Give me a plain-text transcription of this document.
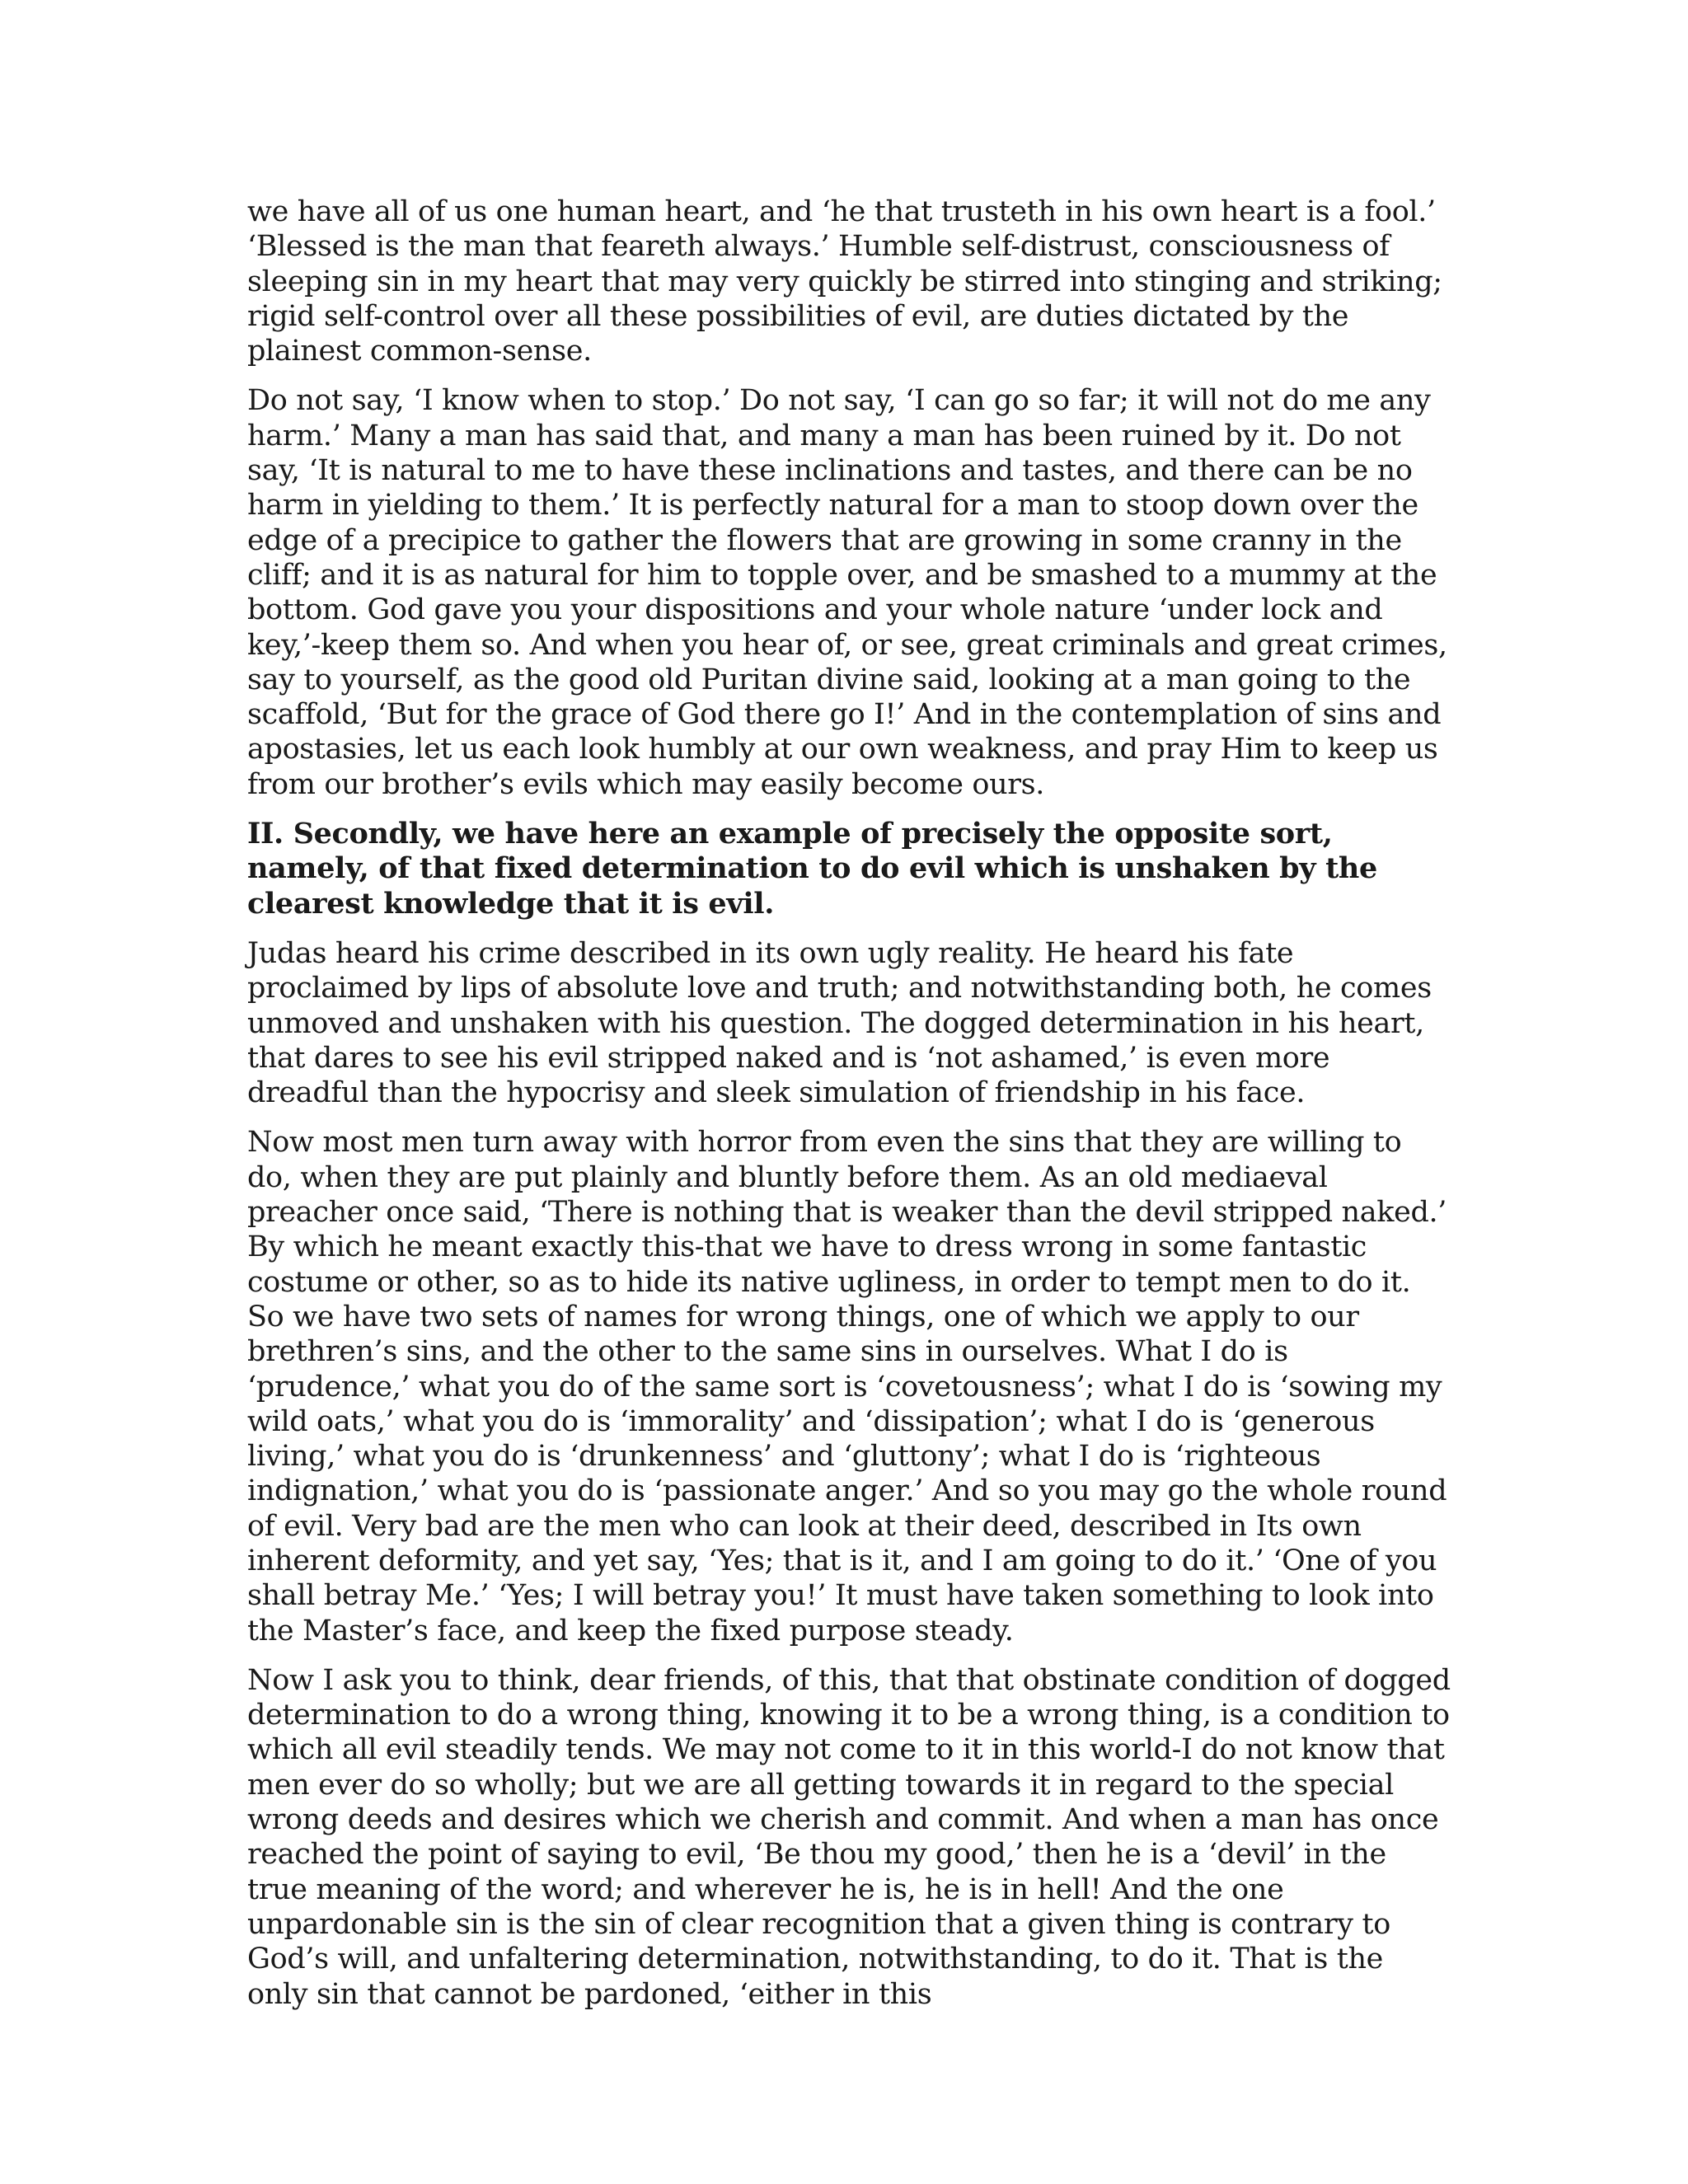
we have all of us one human heart, and ‘he that trusteth in his own heart is a fool.’ ‘Blessed is the man that feareth always.’ Humble self-distrust, consciousness of sleeping sin in my heart that may very quickly be stirred into stinging and striking; rigid self-control over all these possibilities of evil, are duties dictated by the plainest common-sense.

Do not say, ‘I know when to stop.’ Do not say, ‘I can go so far; it will not do me any harm.’ Many a man has said that, and many a man has been ruined by it. Do not say, ‘It is natural to me to have these inclinations and tastes, and there can be no harm in yielding to them.’ It is perfectly natural for a man to stoop down over the edge of a precipice to gather the flowers that are growing in some cranny in the cliff; and it is as natural for him to topple over, and be smashed to a mummy at the bottom. God gave you your dispositions and your whole nature ‘under lock and key,’-keep them so. And when you hear of, or see, great criminals and great crimes, say to yourself, as the good old Puritan divine said, looking at a man going to the scaffold, ‘But for the grace of God there go I!’ And in the contemplation of sins and apostasies, let us each look humbly at our own weakness, and pray Him to keep us from our brother’s evils which may easily become ours.

II. Secondly, we have here an example of precisely the opposite sort, namely, of that fixed determination to do evil which is unshaken by the clearest knowledge that it is evil.

Judas heard his crime described in its own ugly reality. He heard his fate proclaimed by lips of absolute love and truth; and notwithstanding both, he comes unmoved and unshaken with his question. The dogged determination in his heart, that dares to see his evil stripped naked and is ‘not ashamed,’ is even more dreadful than the hypocrisy and sleek simulation of friendship in his face.

Now most men turn away with horror from even the sins that they are willing to do, when they are put plainly and bluntly before them. As an old mediaeval preacher once said, ‘There is nothing that is weaker than the devil stripped naked.’ By which he meant exactly this-that we have to dress wrong in some fantastic costume or other, so as to hide its native ugliness, in order to tempt men to do it. So we have two sets of names for wrong things, one of which we apply to our brethren’s sins, and the other to the same sins in ourselves. What I do is ‘prudence,’ what you do of the same sort is ‘covetousness’; what I do is ‘sowing my wild oats,’ what you do is ‘immorality’ and ‘dissipation’; what I do is ‘generous living,’ what you do is ‘drunkenness’ and ‘gluttony’; what I do is ‘righteous indignation,’ what you do is ‘passionate anger.’ And so you may go the whole round of evil. Very bad are the men who can look at their deed, described in Its own inherent deformity, and yet say, ‘Yes; that is it, and I am going to do it.’ ‘One of you shall betray Me.’ ‘Yes; I will betray you!’ It must have taken something to look into the Master’s face, and keep the fixed purpose steady.

Now I ask you to think, dear friends, of this, that that obstinate condition of dogged determination to do a wrong thing, knowing it to be a wrong thing, is a condition to which all evil steadily tends. We may not come to it in this world-I do not know that men ever do so wholly; but we are all getting towards it in regard to the special wrong deeds and desires which we cherish and commit. And when a man has once reached the point of saying to evil, ‘Be thou my good,’ then he is a ‘devil’ in the true meaning of the word; and wherever he is, he is in hell! And the one unpardonable sin is the sin of clear recognition that a given thing is contrary to God’s will, and unfaltering determination, notwithstanding, to do it. That is the only sin that cannot be pardoned, ‘either in this
